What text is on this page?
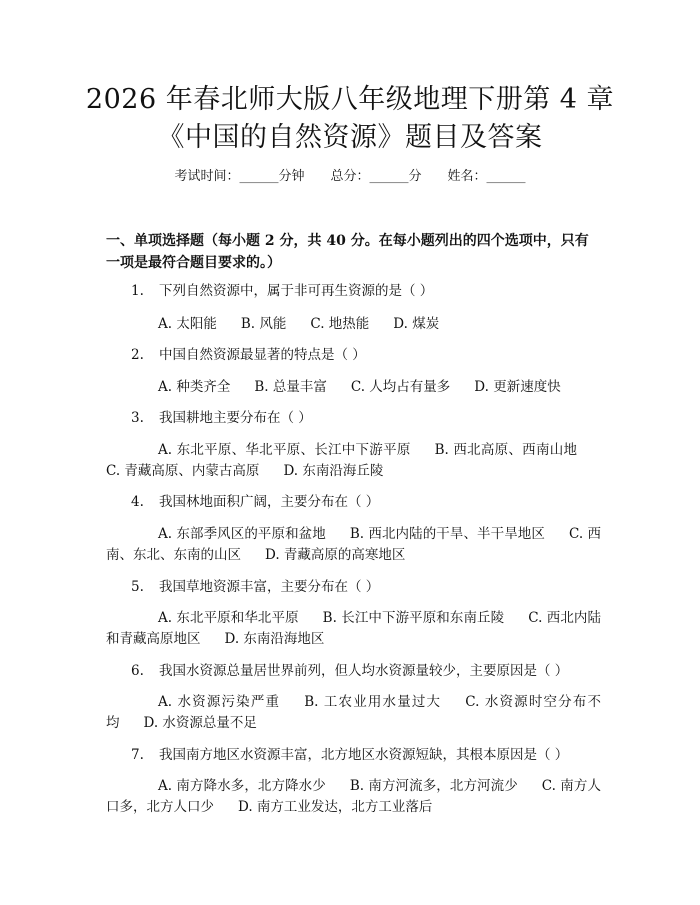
2026 年春北师大版八年级地理下册第 4 章
《中国的自然资源》题目及答案
考试时间：______分钟 总分：______分 姓名：______
一、单项选择题（每小题 2 分，共 40 分。在每小题列出的四个选项中，只有一项是最符合题目要求的。）
1. 下列自然资源中，属于非可再生资源的是（ ）
A. 太阳能 B. 风能 C. 地热能 D. 煤炭
2. 中国自然资源最显著的特点是（ ）
A. 种类齐全 B. 总量丰富 C. 人均占有量多 D. 更新速度快
3. 我国耕地主要分布在（ ）
A. 东北平原、华北平原、长江中下游平原 B. 西北高原、西南山地C. 青藏高原、内蒙古高原 D. 东南沿海丘陵
4. 我国林地面积广阔，主要分布在（ ）
A. 东部季风区的平原和盆地 B. 西北内陆的干旱、半干旱地区 C. 西南、东北、东南的山区 D. 青藏高原的高寒地区
5. 我国草地资源丰富，主要分布在（ ）
A. 东北平原和华北平原 B. 长江中下游平原和东南丘陵 C. 西北内陆和青藏高原地区 D. 东南沿海地区
6. 我国水资源总量居世界前列，但人均水资源量较少，主要原因是（ ）
A. 水资源污染严重 B. 工农业用水量过大 C. 水资源时空分布不均 D. 水资源总量不足
7. 我国南方地区水资源丰富，北方地区水资源短缺，其根本原因是（ ）
A. 南方降水多，北方降水少 B. 南方河流多，北方河流少 C. 南方人口多，北方人口少 D. 南方工业发达，北方工业落后
